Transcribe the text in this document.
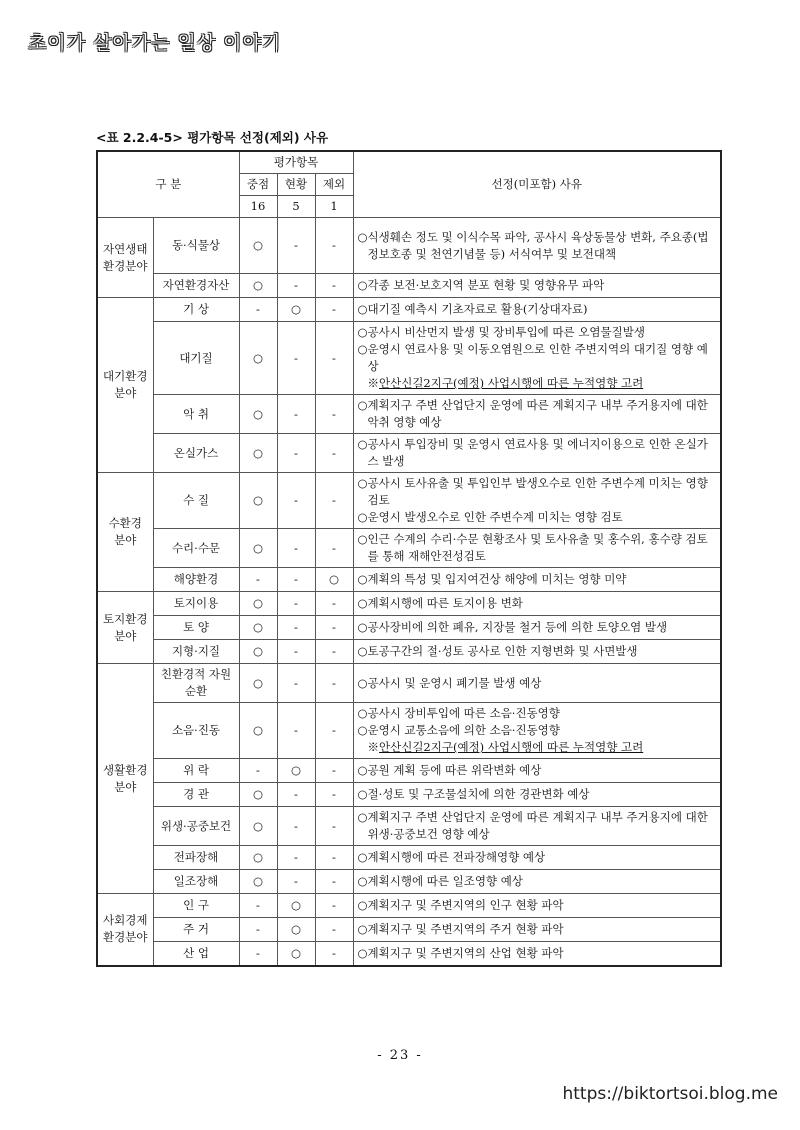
초이가 살아가는 일상 이야기
<표 2.2.4-5> 평가항목 선정(제외) 사유
구 분		평가항목			선정(미포함) 사유
		중점	현황	제외	
		16	5	1	
자연생태 환경분야	동·식물상	○	-	-	○식생훼손 정도 및 이식수목 파악, 공사시 육상동물상 변화, 주요종(법정보호종 및 천연기념물 등) 서식여부 및 보전대책

	자연환경자산	○	-	-	○각종 보전·보호지역 분포 현황 및 영향유무 파악

대기환경 분야	기 상	-	○	-	○대기질 예측시 기초자료로 활용(기상대자료)

	대기질	○	-	-	○공사시 비산먼지 발생 및 장비투입에 따른 오염물질발생
○운영시 연료사용 및 이동오염원으로 인한 주변지역의 대기질 영향 예상
※안산신길2지구(예정) 사업시행에 따른 누적영향 고려

	악 취	○	-	-	○계획지구 주변 산업단지 운영에 따른 계획지구 내부 주거용지에 대한 악취 영향 예상

	온실가스	○	-	-	○공사시 투입장비 및 운영시 연료사용 및 에너지이용으로 인한 온실가스 발생

수환경 분야	수 질	○	-	-	○공사시 토사유출 및 투입인부 발생오수로 인한 주변수계 미치는 영향 검토
○운영시 발생오수로 인한 주변수계 미치는 영향 검토

	수리·수문	○	-	-	○인근 수계의 수리·수문 현황조사 및 토사유출 및 홍수위, 홍수량 검토를 통해 재해안전성검토

	해양환경	-	-	○	○계획의 특성 및 입지여건상 해양에 미치는 영향 미약

토지환경 분야	토지이용	○	-	-	○계획시행에 따른 토지이용 변화

	토 양	○	-	-	○공사장비에 의한 폐유, 지장물 철거 등에 의한 토양오염 발생

	지형·지질	○	-	-	○토공구간의 절·성토 공사로 인한 지형변화 및 사면발생

생활환경 분야	친환경적 자원순환	○	-	-	○공사시 및 운영시 폐기물 발생 예상

	소음·진동	○	-	-	○공사시 장비투입에 따른 소음·진동영향
○운영시 교통소음에 의한 소음·진동영향
※안산신길2지구(예정) 사업시행에 따른 누적영향 고려

	위 락	-	○	-	○공원 계획 등에 따른 위락변화 예상

	경 관	○	-	-	○절·성토 및 구조물설치에 의한 경관변화 예상

	위생·공중보건	○	-	-	○계획지구 주변 산업단지 운영에 따른 계획지구 내부 주거용지에 대한 위생·공중보건 영향 예상

	전파장해	○	-	-	○계획시행에 따른 전파장해영향 예상

	일조장해	○	-	-	○계획시행에 따른 일조영향 예상

사회경제 환경분야	인 구	-	○	-	○계획지구 및 주변지역의 인구 현황 파악

	주 거	-	○	-	○계획지구 및 주변지역의 주거 현황 파악

	산 업	-	○	-	○계획지구 및 주변지역의 산업 현황 파악
- 23 -
https://biktortsoi.blog.me
